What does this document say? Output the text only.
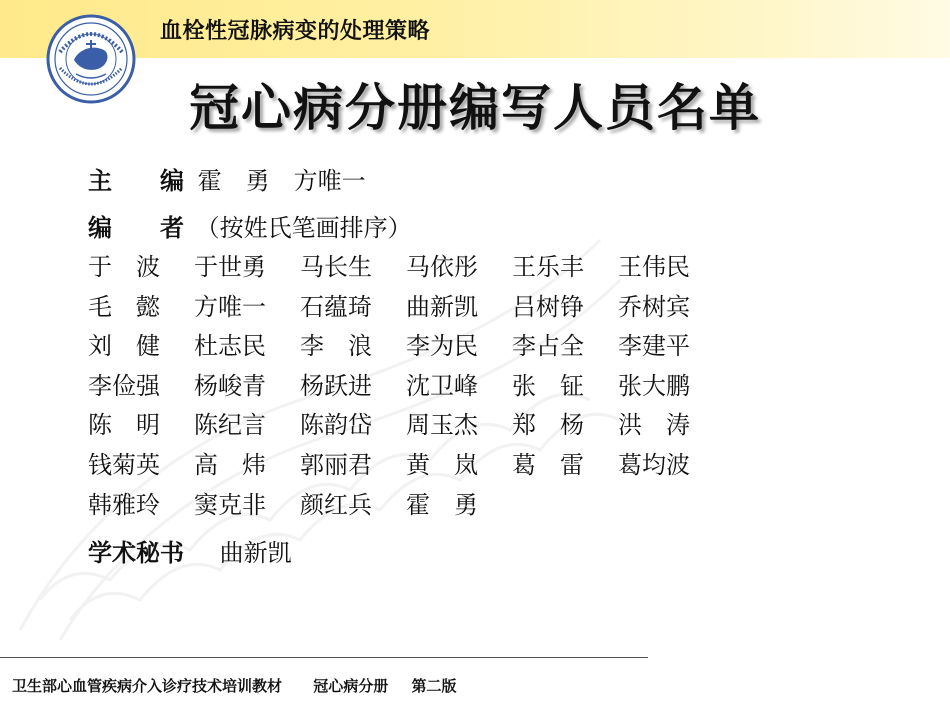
血栓性冠脉病变的处理策略
冠心病分册编写人员名单
主　　编 霍　勇　方唯一
编　　者 （按姓氏笔画排序）
于　波	于世勇	马长生	马依彤	王乐丰	王伟民
毛　懿	方唯一	石蕴琦	曲新凯	吕树铮	乔树宾
刘　健	杜志民	李　浪	李为民	李占全	李建平
李俭强	杨峻青	杨跃进	沈卫峰	张　钲	张大鹏
陈　明	陈纪言	陈韵岱	周玉杰	郑　杨	洪　涛
钱菊英	高　炜	郭丽君	黄　岚	葛　雷	葛均波
韩雅玲	窦克非	颜红兵	霍　勇
学术秘书 曲新凯
卫生部心血管疾病介入诊疗技术培训教材 冠心病分册 第二版
